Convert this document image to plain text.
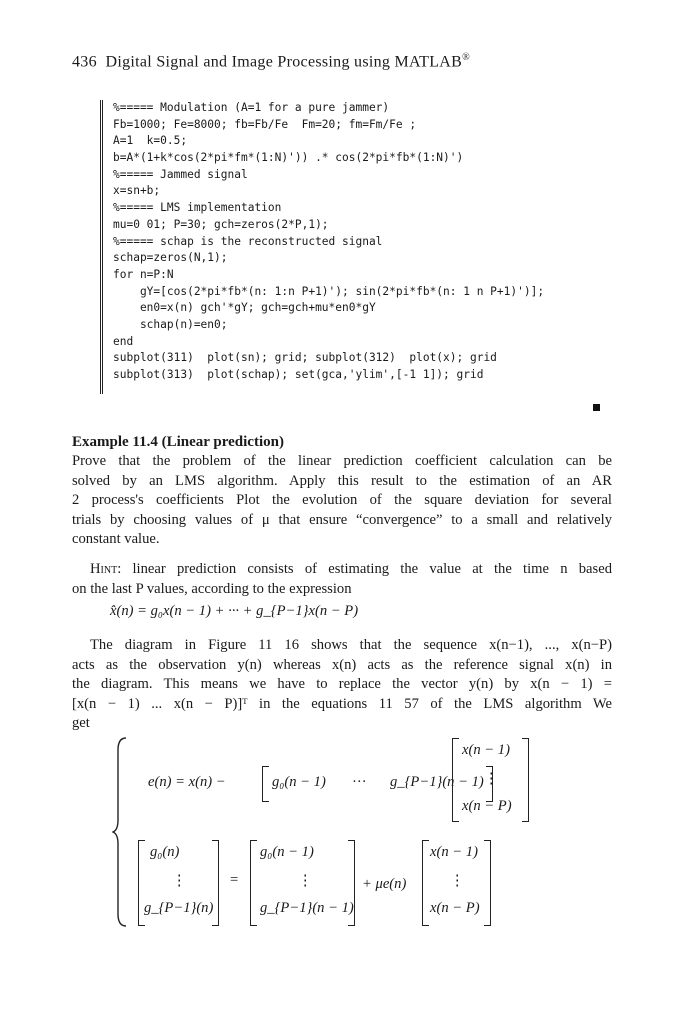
436 Digital Signal and Image Processing using MATLAB®
%===== Modulation (A=1 for a pure jammer)
Fb=1000; Fe=8000; fb=Fb/Fe  Fm=20; fm=Fm/Fe ;
A=1  k=0.5;
b=A*(1+k*cos(2*pi*fm*(1:N)')) .* cos(2*pi*fb*(1:N)')
%===== Jammed signal
x=sn+b;
%===== LMS implementation
mu=0 01; P=30; gch=zeros(2*P,1);
%===== schap is the reconstructed signal
schap=zeros(N,1);
for n=P:N
gY=[cos(2*pi*fb*(n: 1:n P+1)'); sin(2*pi*fb*(n: 1 n P+1)')];
en0=x(n) gch'*gY; gch=gch+mu*en0*gY
schap(n)=en0;
end
subplot(311)  plot(sn); grid; subplot(312)  plot(x); grid
subplot(313)  plot(schap); set(gca,'ylim',[-1 1]); grid
Example 11.4 (Linear prediction)
Prove that the problem of the linear prediction coefficient calculation can be
solved by an LMS algorithm. Apply this result to the estimation of an AR
2 process's coefficients Plot the evolution of the square deviation for several
trials by choosing values of μ that ensure “convergence” to a small and relatively
constant value.
Hint: linear prediction consists of estimating the value at the time n based
on the last P values, according to the expression
x̂(n) = g₀x(n − 1) + ··· + g_{P−1}x(n − P)
The diagram in Figure 11 16 shows that the sequence x(n−1), ..., x(n−P)
acts as the observation y(n) whereas x(n) acts as the reference signal x(n) in
the diagram. This means we have to replace the vector y(n) by x(n − 1) =
[x(n − 1) ... x(n − P)]ᵀ in the equations 11 57 of the LMS algorithm We
get
e(n) = x(n) −	g₀(n − 1) ··· g_{P−1}(n − 1)
x(n − 1)
⋮
x(n − P)
g₀(n)
⋮
g_{P−1}(n)
=
g₀(n − 1)
⋮
g_{P−1}(n − 1)
+ μe(n)
x(n − 1)
⋮
x(n − P)
